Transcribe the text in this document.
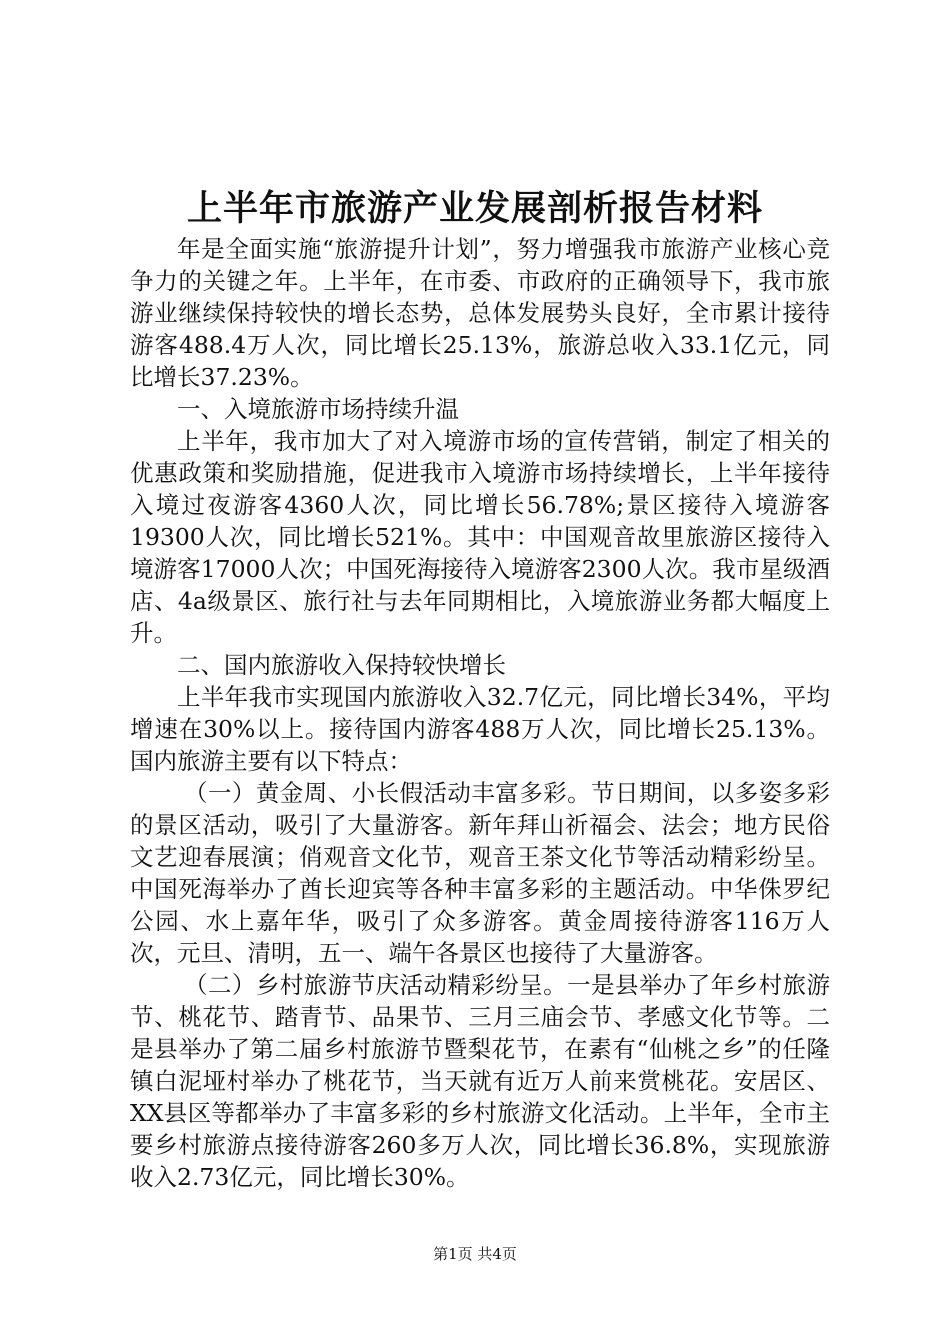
上半年市旅游产业发展剖析报告材料

年是全面实施“旅游提升计划”，努力增强我市旅游产业核心竞争力的关键之年。上半年，在市委、市政府的正确领导下，我市旅游业继续保持较快的增长态势，总体发展势头良好，全市累计接待游客488.4万人次，同比增长25.13%，旅游总收入33.1亿元，同比增长37.23%。

一、入境旅游市场持续升温

上半年，我市加大了对入境游市场的宣传营销，制定了相关的优惠政策和奖励措施，促进我市入境游市场持续增长，上半年接待入境过夜游客4360人次，同比增长56.78%;景区接待入境游客19300人次，同比增长521%。其中：中国观音故里旅游区接待入境游客17000人次；中国死海接待入境游客2300人次。我市星级酒店、4a级景区、旅行社与去年同期相比，入境旅游业务都大幅度上升。

二、国内旅游收入保持较快增长

上半年我市实现国内旅游收入32.7亿元，同比增长34%，平均增速在30%以上。接待国内游客488万人次，同比增长25.13%。国内旅游主要有以下特点：

（一）黄金周、小长假活动丰富多彩。节日期间，以多姿多彩的景区活动，吸引了大量游客。新年拜山祈福会、法会；地方民俗文艺迎春展演；俏观音文化节，观音王茶文化节等活动精彩纷呈。中国死海举办了酋长迎宾等各种丰富多彩的主题活动。中华侏罗纪公园、水上嘉年华，吸引了众多游客。黄金周接待游客116万人次，元旦、清明，五一、端午各景区也接待了大量游客。

（二）乡村旅游节庆活动精彩纷呈。一是县举办了年乡村旅游节、桃花节、踏青节、品果节、三月三庙会节、孝感文化节等。二是县举办了第二届乡村旅游节暨梨花节，在素有“仙桃之乡”的任隆镇白泥垭村举办了桃花节，当天就有近万人前来赏桃花。安居区、XX县区等都举办了丰富多彩的乡村旅游文化活动。上半年，全市主要乡村旅游点接待游客260多万人次，同比增长36.8%，实现旅游收入2.73亿元，同比增长30%。

第1页 共4页
